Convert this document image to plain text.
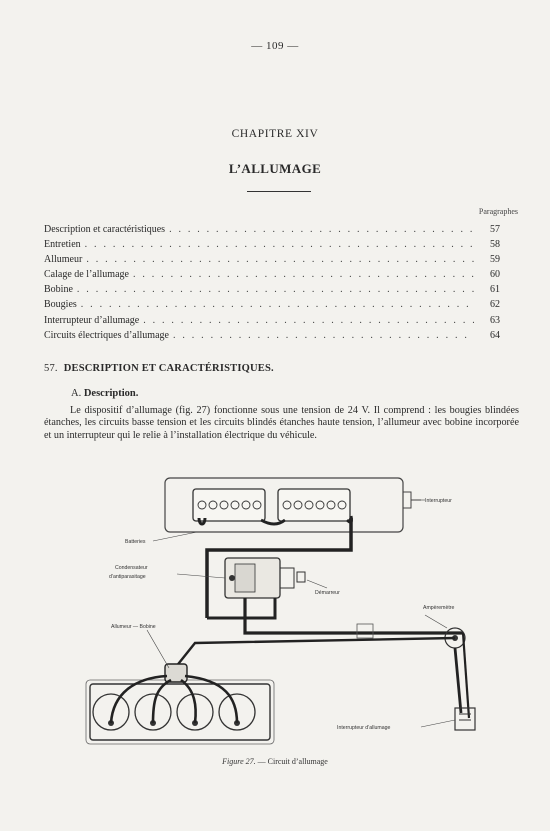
— 109 —
CHAPITRE XIV
L’ALLUMAGE
Paragraphes
Description et caractéristiques . . .	57
Entretien . . .	58
Allumeur . . .	59
Calage de l’allumage . . .	60
Bobine . . .	61
Bougies . . .	62
Interrupteur d’allumage . . .	63
Circuits électriques d’allumage . . .	64
57. DESCRIPTION ET CARACTÉRISTIQUES.
A. Description.
Le dispositif d’allumage (fig. 27) fonctionne sous une tension de 24 V. Il comprend : les bougies blindées étanches, les circuits basse tension et les circuits blindés étanches haute tension, l’allumeur avec bobine incorporée et un interrupteur qui le relie à l’installation électrique du véhicule.
Interrupteur
Batteries
Condensateur
d’antiparasitage
Démarreur
Ampèremètre
Allumeur — Bobine
Interrupteur d’allumage
Figure 27. — Circuit d’allumage
